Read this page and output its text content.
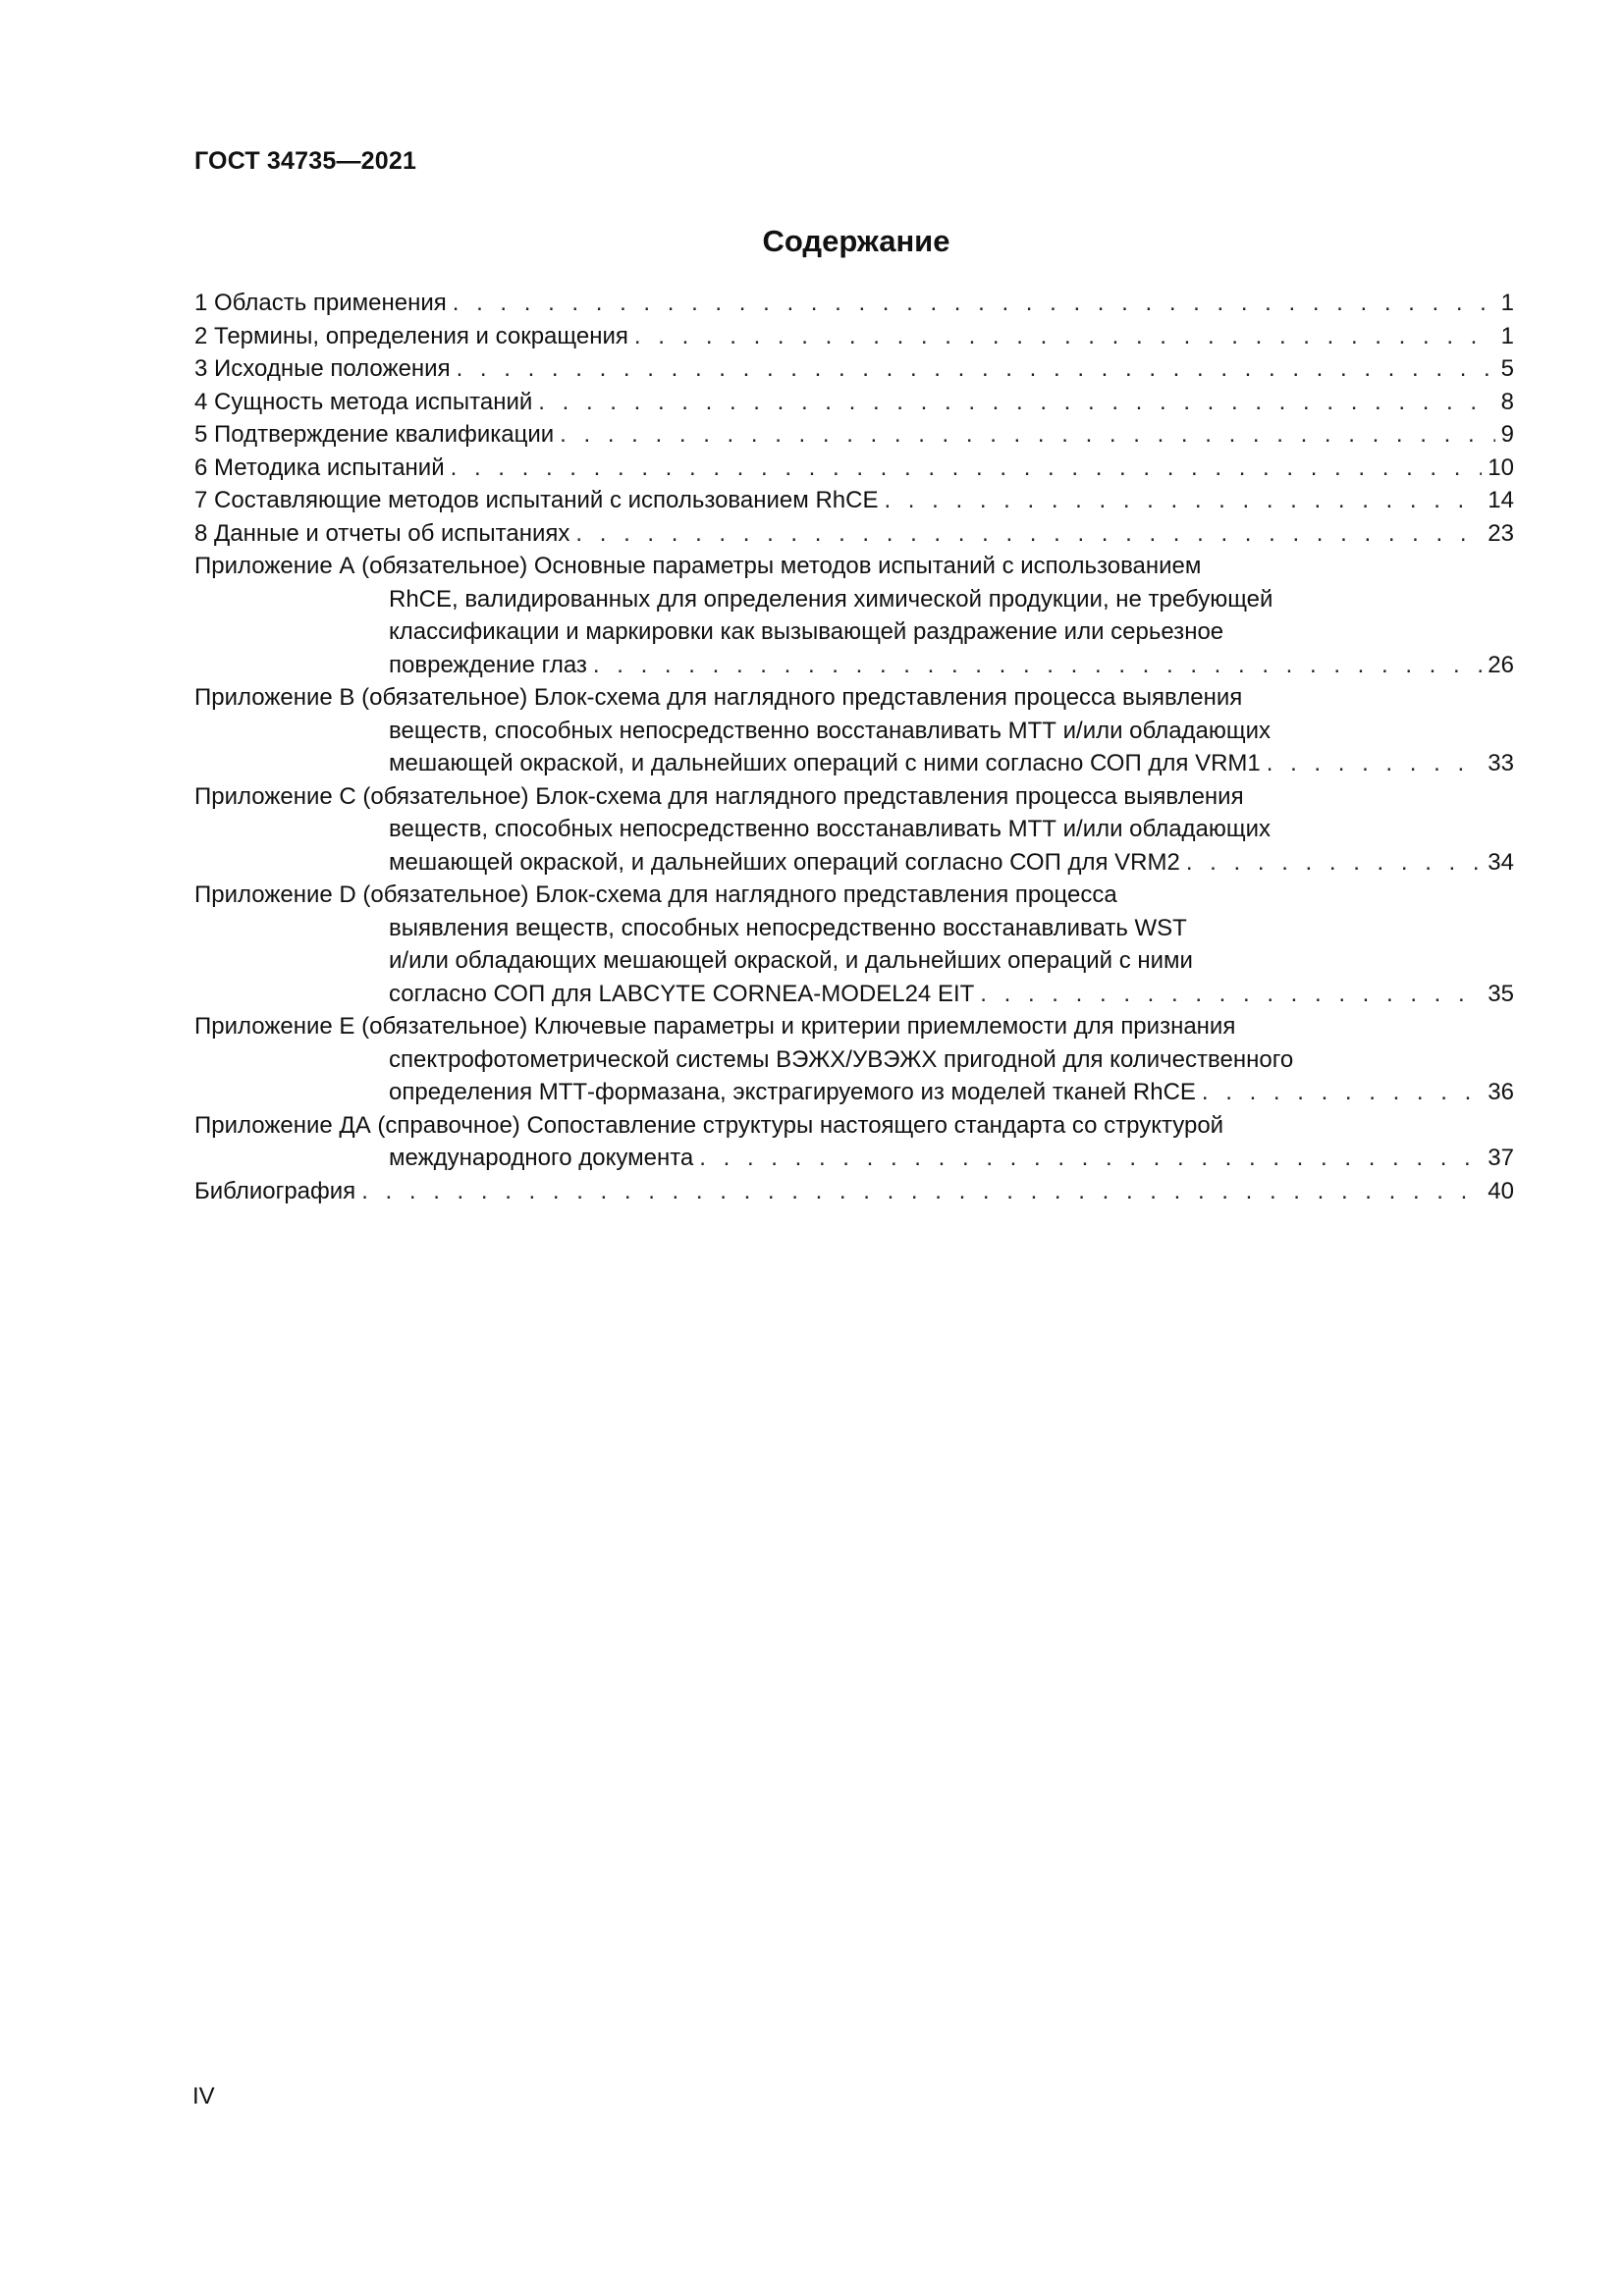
ГОСТ 34735—2021
Содержание
1 Область применения . . .	1
2 Термины, определения и сокращения . . .	1
3 Исходные положения . . .	5
4 Сущность метода испытаний . . .	8
5 Подтверждение квалификации . . .	9
6 Методика испытаний . . .	10
7 Составляющие методов испытаний с использованием RhCE . . .	14
8 Данные и отчеты об испытаниях . . .	23
Приложение А (обязательное) Основные параметры методов испытаний с использованием
RhCE, валидированных для определения химической продукции, не требующей
классификации и маркировки как вызывающей раздражение или серьезное
повреждение глаз . . .	26
Приложение В (обязательное) Блок-схема для наглядного представления процесса выявления
веществ, способных непосредственно восстанавливать МТТ и/или обладающих
мешающей окраской, и дальнейших операций с ними согласно СОП для VRM1 . . .	33
Приложение С (обязательное) Блок-схема для наглядного представления процесса выявления
веществ, способных непосредственно восстанавливать МТТ и/или обладающих
мешающей окраской, и дальнейших операций согласно СОП для VRM2 . . .	34
Приложение D (обязательное) Блок-схема для наглядного представления процесса
выявления веществ, способных непосредственно восстанавливать WST
и/или обладающих мешающей окраской, и дальнейших операций с ними
согласно СОП для LABCYTE CORNEA-MODEL24 EIT . . .	35
Приложение Е (обязательное) Ключевые параметры и критерии приемлемости для признания
спектрофотометрической системы ВЭЖХ/УВЭЖХ пригодной для количественного
определения МТТ-формазана, экстрагируемого из моделей тканей RhCE . . .	36
Приложение ДА (справочное) Сопоставление структуры настоящего стандарта со структурой
международного документа . . .	37
Библиография . . .	40
IV
